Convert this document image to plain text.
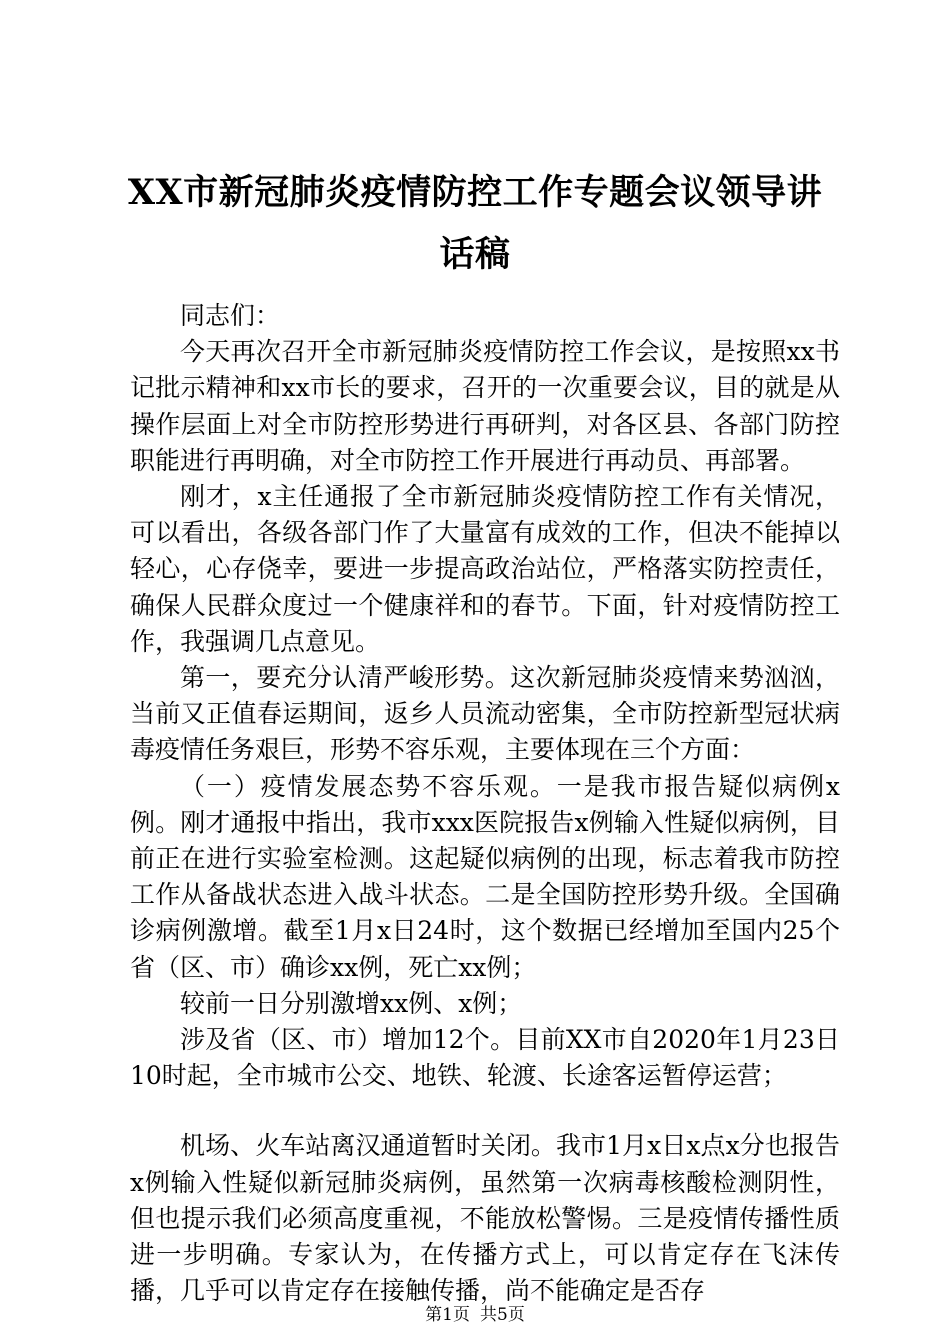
XX市新冠肺炎疫情防控工作专题会议领导讲话稿

同志们：

今天再次召开全市新冠肺炎疫情防控工作会议，是按照xx书记批示精神和xx市长的要求，召开的一次重要会议，目的就是从操作层面上对全市防控形势进行再研判，对各区县、各部门防控职能进行再明确，对全市防控工作开展进行再动员、再部署。

刚才，x主任通报了全市新冠肺炎疫情防控工作有关情况，可以看出，各级各部门作了大量富有成效的工作，但决不能掉以轻心，心存侥幸，要进一步提高政治站位，严格落实防控责任，确保人民群众度过一个健康祥和的春节。下面，针对疫情防控工作，我强调几点意见。

第一，要充分认清严峻形势。这次新冠肺炎疫情来势汹汹，当前又正值春运期间，返乡人员流动密集，全市防控新型冠状病毒疫情任务艰巨，形势不容乐观，主要体现在三个方面：

（一）疫情发展态势不容乐观。一是我市报告疑似病例x例。刚才通报中指出，我市xxx医院报告x例输入性疑似病例，目前正在进行实验室检测。这起疑似病例的出现，标志着我市防控工作从备战状态进入战斗状态。二是全国防控形势升级。全国确诊病例激增。截至1月x日24时，这个数据已经增加至国内25个省（区、市）确诊xx例，死亡xx例；

较前一日分别激增xx例、x例；

涉及省（区、市）增加12个。目前XX市自2020年1月23日10时起，全市城市公交、地铁、轮渡、长途客运暂停运营；

机场、火车站离汉通道暂时关闭。我市1月x日x点x分也报告x例输入性疑似新冠肺炎病例，虽然第一次病毒核酸检测阴性，但也提示我们必须高度重视，不能放松警惕。三是疫情传播性质进一步明确。专家认为，在传播方式上，可以肯定存在飞沫传播，几乎可以肯定存在接触传播，尚不能确定是否存

第1页 共5页
